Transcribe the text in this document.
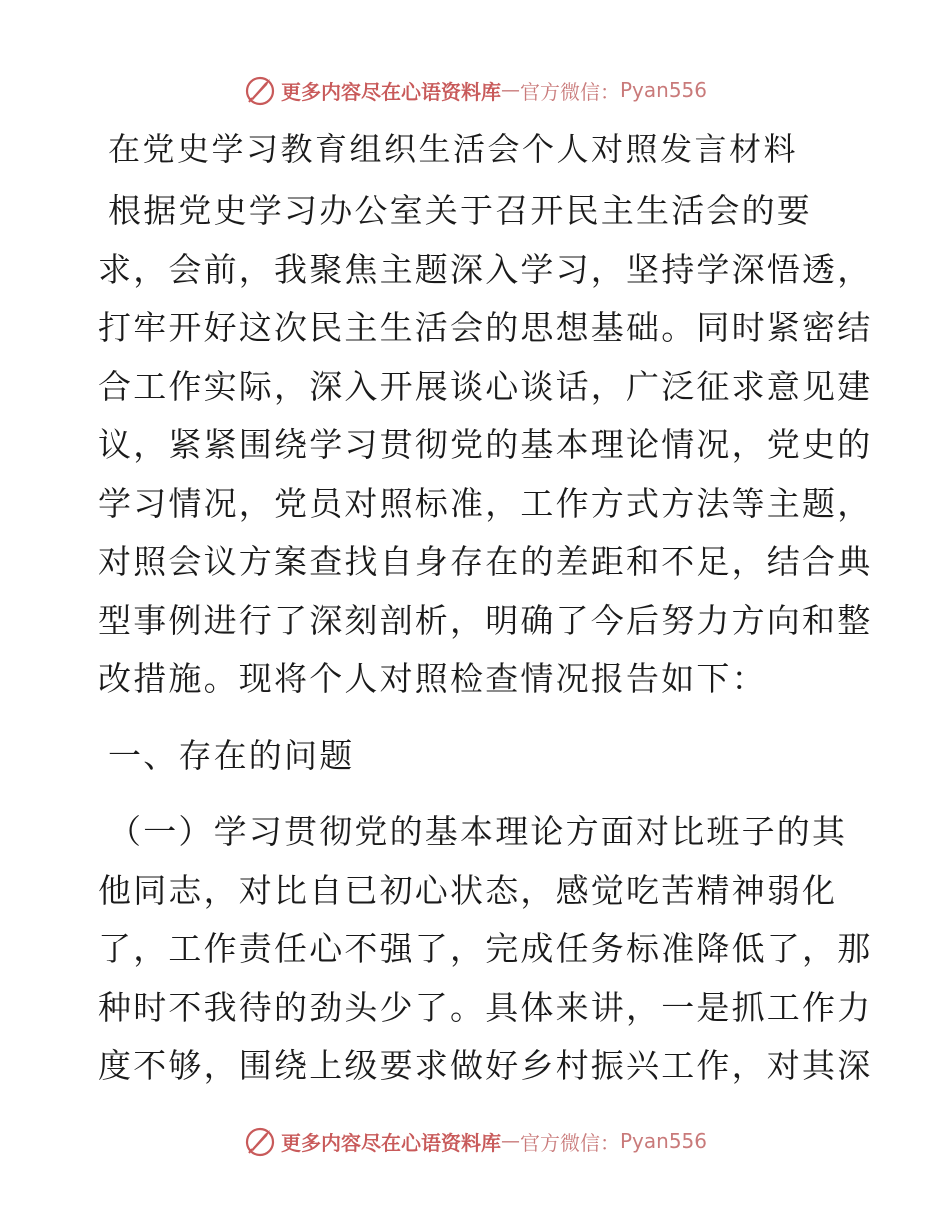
更多内容尽在心语资料库 — 官方微信： Pyan556
在党史学习教育组织生活会个人对照发言材料
根据党史学习办公室关于召开民主生活会的要
求，会前，我聚焦主题深入学习，坚持学深悟透，
打牢开好这次民主生活会的思想基础。同时紧密结
合工作实际，深入开展谈心谈话，广泛征求意见建
议，紧紧围绕学习贯彻党的基本理论情况，党史的
学习情况，党员对照标准，工作方式方法等主题，
对照会议方案查找自身存在的差距和不足，结合典
型事例进行了深刻剖析，明确了今后努力方向和整
改措施。现将个人对照检查情况报告如下：
一、存在的问题
（一）学习贯彻党的基本理论方面对比班子的其
他同志，对比自已初心状态，感觉吃苦精神弱化
了，工作责任心不强了，完成任务标准降低了，那
种时不我待的劲头少了。具体来讲，一是抓工作力
度不够，围绕上级要求做好乡村振兴工作，对其深
更多内容尽在心语资料库 — 官方微信： Pyan556
